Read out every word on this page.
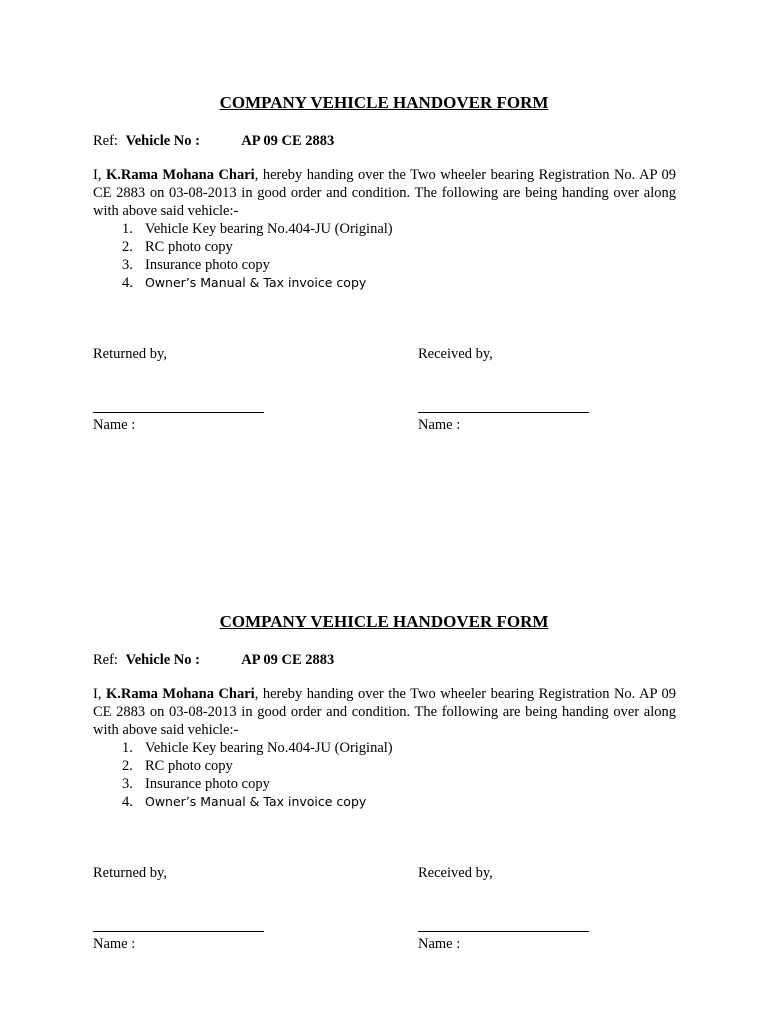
COMPANY VEHICLE HANDOVER FORM
Ref: Vehicle No :	AP 09 CE 2883

I, K.Rama Mohana Chari, hereby handing over the Two wheeler bearing Registration No. AP 09 CE 2883 on 03-08-2013 in good order and condition. The following are being handing over along with above said vehicle:-

1. Vehicle Key bearing No.404-JU (Original)
2. RC photo copy
3. Insurance photo copy
4. Owner’s Manual & Tax invoice copy
Returned by,	Received by,
Name :	Name :
COMPANY VEHICLE HANDOVER FORM
Ref: Vehicle No :	AP 09 CE 2883

I, K.Rama Mohana Chari, hereby handing over the Two wheeler bearing Registration No. AP 09 CE 2883 on 03-08-2013 in good order and condition. The following are being handing over along with above said vehicle:-

1. Vehicle Key bearing No.404-JU (Original)
2. RC photo copy
3. Insurance photo copy
4. Owner’s Manual & Tax invoice copy
Returned by,	Received by,
Name :	Name :
